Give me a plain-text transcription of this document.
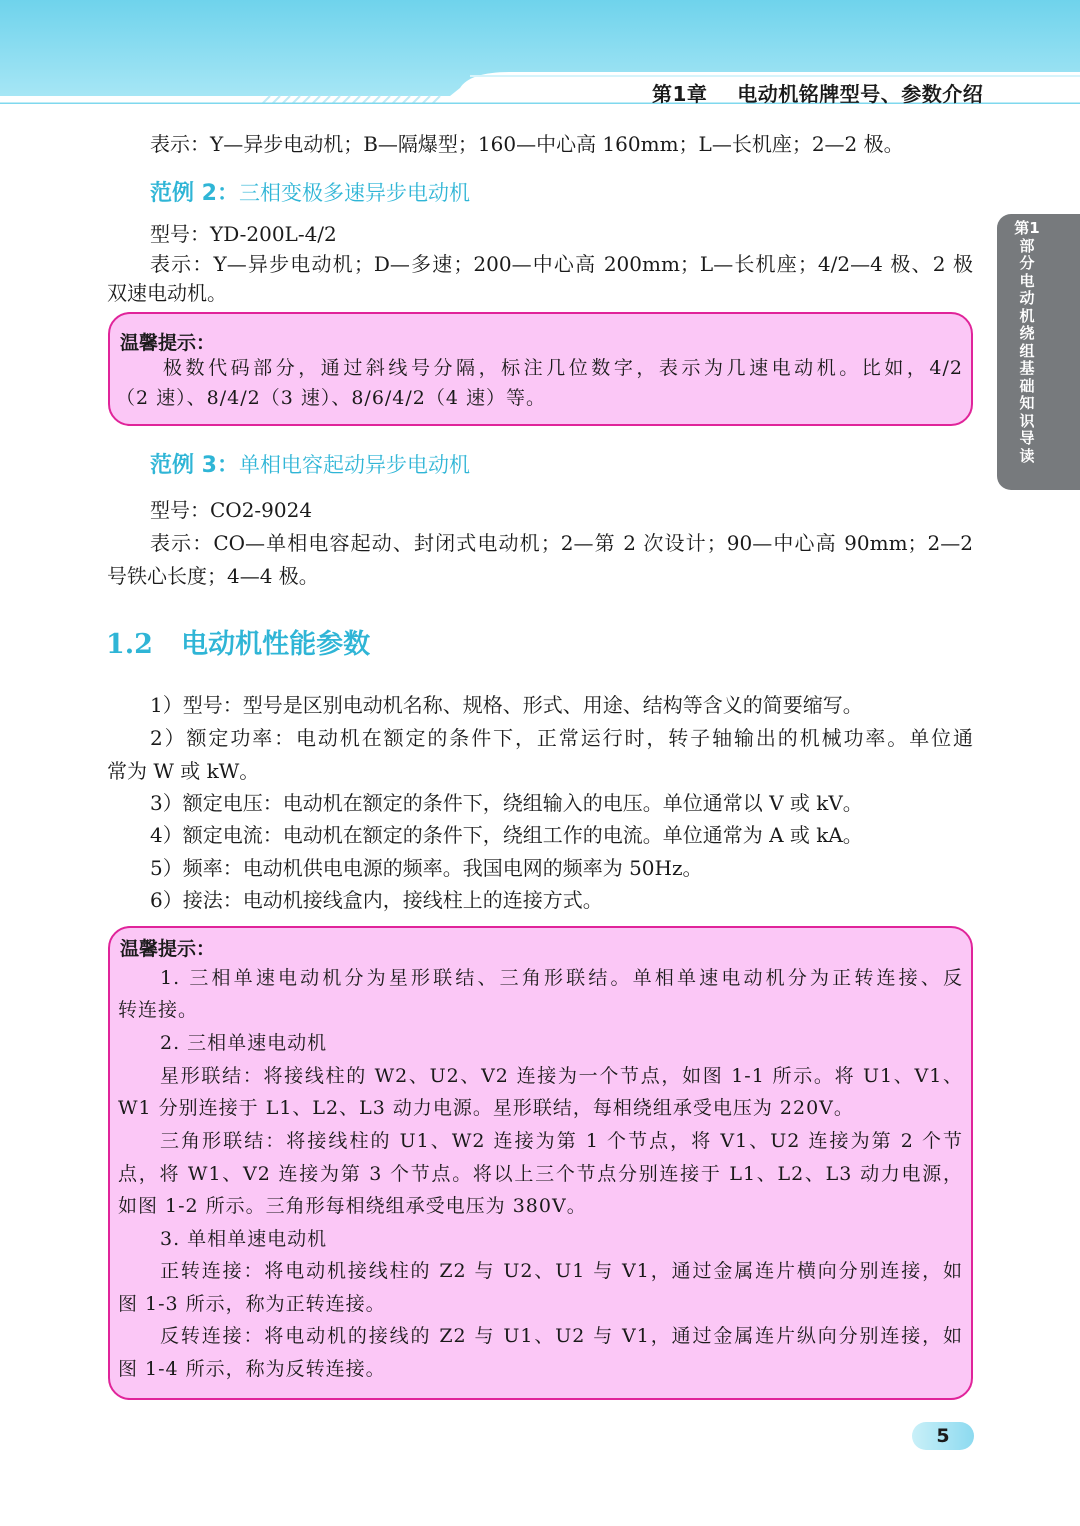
第1章    电动机铭牌型号、参数介绍
第1部分 电动机绕组基础知识导读
表示：Y—异步电动机；B—隔爆型；160—中心高 160mm；L—长机座；2—2 极。
范例 2：三相变极多速异步电动机
型号：YD-200L-4/2
表示：Y—异步电动机；D—多速；200—中心高 200mm；L—长机座；4/2—4 极、2 极
双速电动机。
温馨提示：
极数代码部分，通过斜线号分隔，标注几位数字，表示为几速电动机。比如，4/2
（2 速）、8/4/2（3 速）、8/6/4/2（4 速）等。
范例 3：单相电容起动异步电动机
型号：CO2-9024
表示：CO—单相电容起动、封闭式电动机；2—第 2 次设计；90—中心高 90mm；2—2
号铁心长度；4—4 极。
1.2   电动机性能参数
1）型号：型号是区别电动机名称、规格、形式、用途、结构等含义的简要缩写。
2）额定功率：电动机在额定的条件下，正常运行时，转子轴输出的机械功率。单位通
常为 W 或 kW。
3）额定电压：电动机在额定的条件下，绕组输入的电压。单位通常以 V 或 kV。
4）额定电流：电动机在额定的条件下，绕组工作的电流。单位通常为 A 或 kA。
5）频率：电动机供电电源的频率。我国电网的频率为 50Hz。
6）接法：电动机接线盒内，接线柱上的连接方式。
温馨提示：
1. 三相单速电动机分为星形联结、三角形联结。单相单速电动机分为正转连接、反
转连接。
2. 三相单速电动机
星形联结：将接线柱的 W2、U2、V2 连接为一个节点，如图 1-1 所示。将 U1、V1、
W1 分别连接于 L1、L2、L3 动力电源。星形联结，每相绕组承受电压为 220V。
三角形联结：将接线柱的 U1、W2 连接为第 1 个节点，将 V1、U2 连接为第 2 个节
点，将 W1、V2 连接为第 3 个节点。将以上三个节点分别连接于 L1、L2、L3 动力电源，
如图 1-2 所示。三角形每相绕组承受电压为 380V。
3. 单相单速电动机
正转连接：将电动机接线柱的 Z2 与 U2、U1 与 V1，通过金属连片横向分别连接，如
图 1-3 所示，称为正转连接。
反转连接：将电动机的接线的 Z2 与 U1、U2 与 V1，通过金属连片纵向分别连接，如
图 1-4 所示，称为反转连接。
5
